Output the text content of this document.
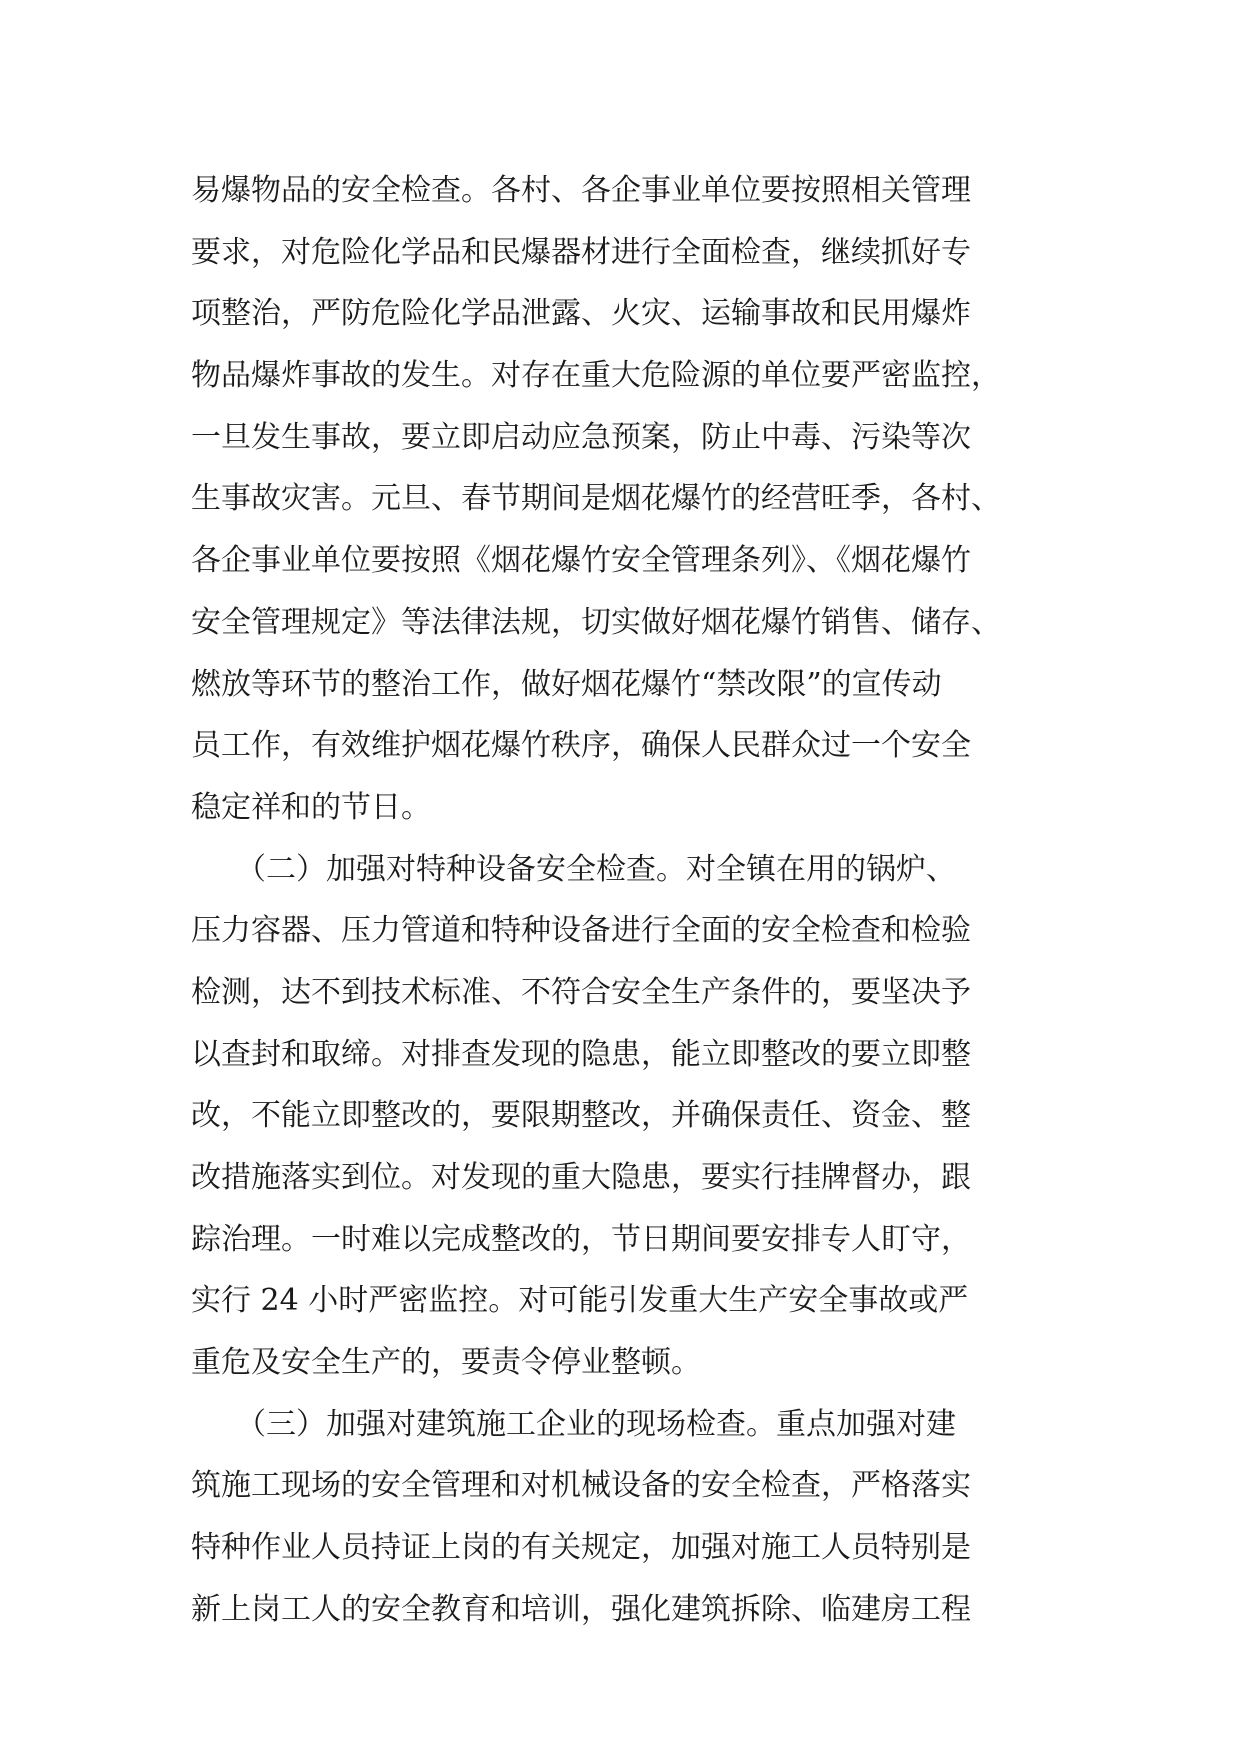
易爆物品的安全检查。各村、各企事业单位要按照相关管理
要求，对危险化学品和民爆器材进行全面检查，继续抓好专
项整治，严防危险化学品泄露、火灾、运输事故和民用爆炸
物品爆炸事故的发生。对存在重大危险源的单位要严密监控，
一旦发生事故，要立即启动应急预案，防止中毒、污染等次
生事故灾害。元旦、春节期间是烟花爆竹的经营旺季，各村、
各企事业单位要按照《烟花爆竹安全管理条列》、《烟花爆竹
安全管理规定》等法律法规，切实做好烟花爆竹销售、储存、
燃放等环节的整治工作，做好烟花爆竹“禁改限”的宣传动
员工作，有效维护烟花爆竹秩序，确保人民群众过一个安全
稳定祥和的节日。
　　（二）加强对特种设备安全检查。对全镇在用的锅炉、
压力容器、压力管道和特种设备进行全面的安全检查和检验
检测，达不到技术标准、不符合安全生产条件的，要坚决予
以查封和取缔。对排查发现的隐患，能立即整改的要立即整
改，不能立即整改的，要限期整改，并确保责任、资金、整
改措施落实到位。对发现的重大隐患，要实行挂牌督办，跟
踪治理。一时难以完成整改的，节日期间要安排专人盯守，
实行 24 小时严密监控。对可能引发重大生产安全事故或严
重危及安全生产的，要责令停业整顿。
　　（三）加强对建筑施工企业的现场检查。重点加强对建
筑施工现场的安全管理和对机械设备的安全检查，严格落实
特种作业人员持证上岗的有关规定，加强对施工人员特别是
新上岗工人的安全教育和培训，强化建筑拆除、临建房工程
